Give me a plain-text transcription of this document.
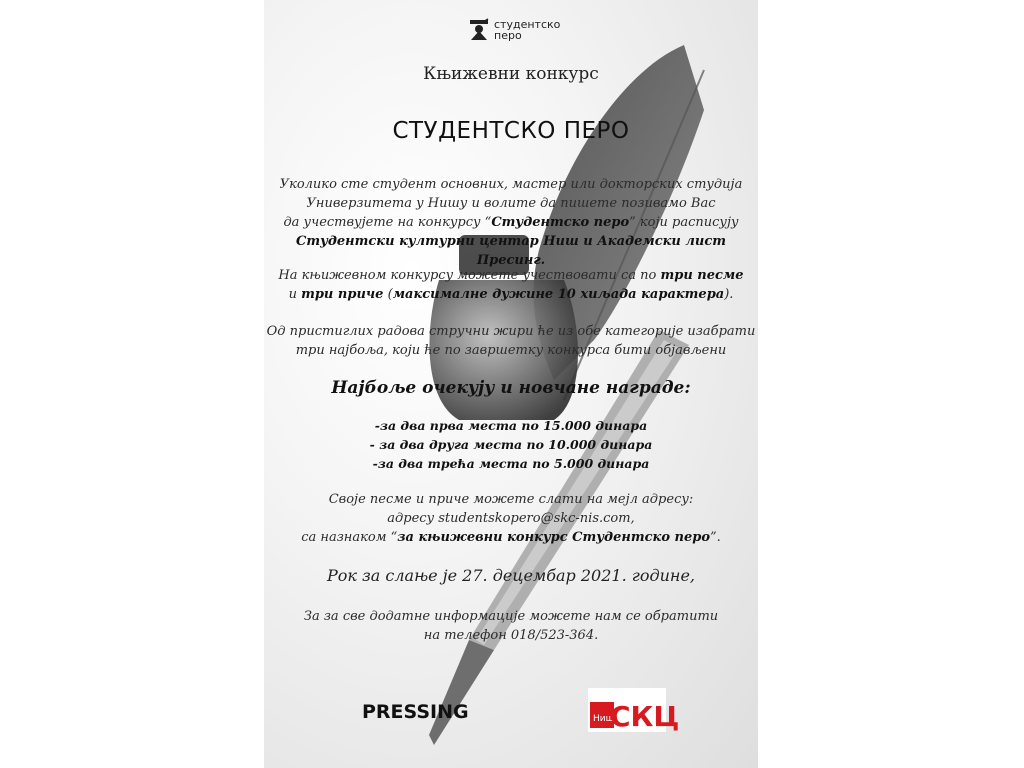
студентско
перо
Књижевни конкурс
СТУДЕНТСКО ПЕРО
Уколико сте студент основних, мастер или докторских студија
Универзитета у Нишу и волите да пишете позивамо Вас
да учествујете на конкурсу “Студентско перо” који расписују
Студентски културни центар Ниш и Академски лист Пресинг.
На књижевном конкурсу можете учествовати са по три песме
и три приче (максималне дужине 10 хиљада карактера).
Од пристиглих радова стручни жири ће из обе категорије изабрати
три најбоља, који ће по завршетку конкурса бити објављени
Најбоље очекују и новчане награде:
-за два прва места по 15.000 динара
- за два друга места по 10.000 динара
-за два трећа места по 5.000 динара
Своје песме и приче можете слати на мејл адресу:
адресу studentskopero@skc-nis.com,
са назнаком “за књижевни конкурс Студентско перо”.
Рок за слање је 27. децембар 2021. године,
За за све додатне информације можете нам се обратити
на телефон 018/523-364.
PRESSING	Ниш
СКЦ
